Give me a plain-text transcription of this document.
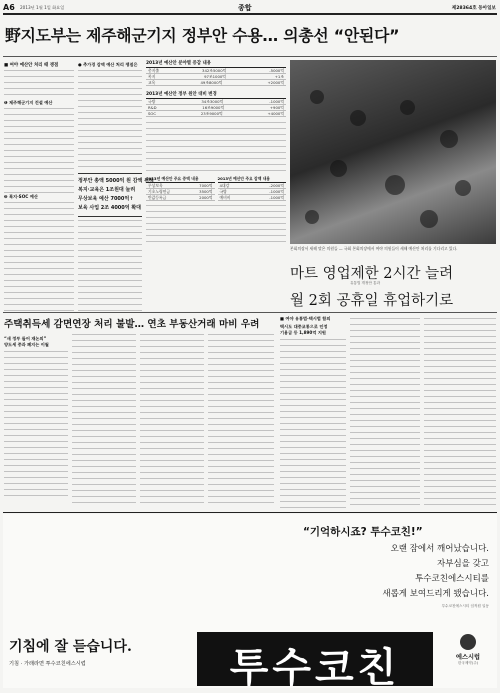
A6 2013년 1월 1일 화요일	종합	제28364호 동아일보
野지도부는 제주해군기지 정부안 수용… 의총선 “안된다”
■ 여야 예산안 처리 때 쟁점
❶ 제주해군기지 건설 예산
❷ 복지·SOC 예산
● 추가경 감액 예산 처리 쟁점은
정부안 총액 5000억 원 감액 위해
복지·교육은 1조원대 늘려
무상보육 예산 7000억↑
보육 사업 2조 4000억 확대
2013년 예산안 분야별 증감 내용
총지출	342조5000억	-5000억
복지	97조1000억	+1조
교육	49조8000억	+2000억
2013년 예산안 정부 원안 대비 변경
국방	34조3000억	-1000억
R&D	16조9000억	+900억
SOC	23조9000억	+4000억
2013년 예산안 주요 증액 내용
무상보육	7000억
기초노령연금	3500억
반값등록금	2000억
2013년 예산안 주요 감액 내용
4대강	-2000억
국방	-1000억
예비비	-1000억
본회의장서 새해 맞은 의원들 — 국회 본회의장에서 여야 의원들이 새해 예산안 처리를 기다리고 있다.
마트 영업제한 2시간 늘려
유통법 개정안 통과
월 2회 공휴일 휴업하기로
주택취득세 감면연장 처리 불발… 연초 부동산거래 마비 우려
“새 정부 들어 재논의”
양도세 중과 폐지는 이월
■ 여야 유통법·택시법 합의
택시도 대중교통으로 인정
기용급 등 1,890억 지원
“기억하시죠? 투수코친!”
오랜 잠에서 깨어났습니다.
자부심을 갖고
투수코친에스시티를
새롭게 보여드리게 됐습니다.
투수코친에스시티 임직원 일동
기침에 잘 듣습니다.
기침 · 가래라면 투수코친에스시럽	투수코친	에스시럽
한국제약(주)
